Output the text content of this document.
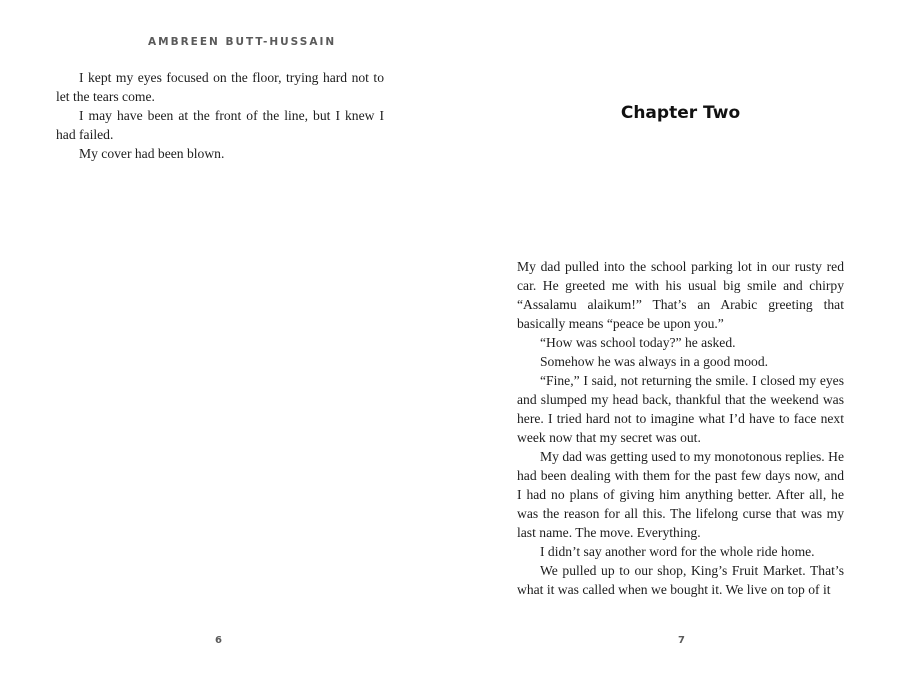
AMBREEN BUTT-HUSSAIN

I kept my eyes focused on the floor, trying hard not to let the tears come.

I may have been at the front of the line, but I knew I had failed.

My cover had been blown.

Chapter Two

My dad pulled into the school parking lot in our rusty red car. He greeted me with his usual big smile and chirpy “Assalamu alaikum!” That’s an Arabic greeting that basically means “peace be upon you.”

“How was school today?” he asked.

Somehow he was always in a good mood.

“Fine,” I said, not returning the smile. I closed my eyes and slumped my head back, thankful that the weekend was here. I tried hard not to imagine what I’d have to face next week now that my secret was out.

My dad was getting used to my monotonous replies. He had been dealing with them for the past few days now, and I had no plans of giving him anything better. After all, he was the reason for all this. The lifelong curse that was my last name. The move. Everything.

I didn’t say another word for the whole ride home.

We pulled up to our shop, King’s Fruit Market. That’s what it was called when we bought it. We live on top of it

6	7
